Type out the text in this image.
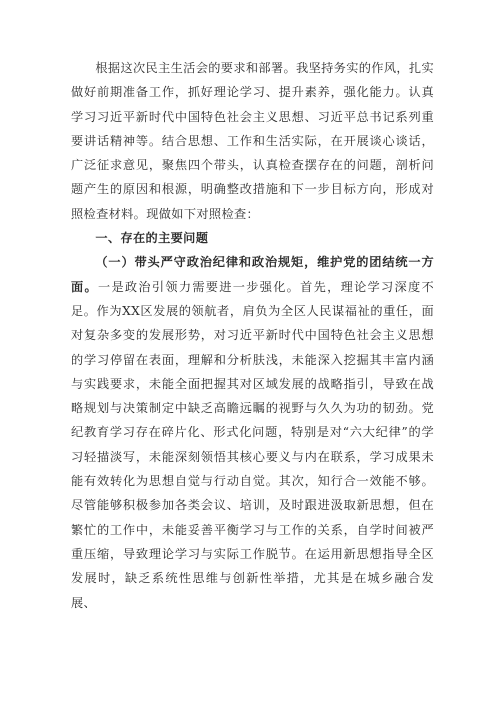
根据这次民主生活会的要求和部署。我坚持务实的作风，扎实做好前期准备工作，抓好理论学习、提升素养，强化能力。认真学习习近平新时代中国特色社会主义思想、习近平总书记系列重要讲话精神等。结合思想、工作和生活实际，在开展谈心谈话，广泛征求意见，聚焦四个带头，认真检查摆存在的问题，剖析问题产生的原因和根源，明确整改措施和下一步目标方向，形成对照检查材料。现做如下对照检查：

一、存在的主要问题

（一）带头严守政治纪律和政治规矩，维护党的团结统一方面。一是政治引领力需要进一步强化。首先，理论学习深度不足。作为XX区发展的领航者，肩负为全区人民谋福祉的重任，面对复杂多变的发展形势，对习近平新时代中国特色社会主义思想的学习停留在表面，理解和分析肤浅，未能深入挖掘其丰富内涵与实践要求，未能全面把握其对区域发展的战略指引，导致在战略规划与决策制定中缺乏高瞻远瞩的视野与久久为功的韧劲。党纪教育学习存在碎片化、形式化问题，特别是对“六大纪律”的学习轻描淡写，未能深刻领悟其核心要义与内在联系，学习成果未能有效转化为思想自觉与行动自觉。其次，知行合一效能不够。尽管能够积极参加各类会议、培训，及时跟进汲取新思想，但在繁忙的工作中，未能妥善平衡学习与工作的关系，自学时间被严重压缩，导致理论学习与实际工作脱节。在运用新思想指导全区发展时，缺乏系统性思维与创新性举措，尤其是在城乡融合发展、
